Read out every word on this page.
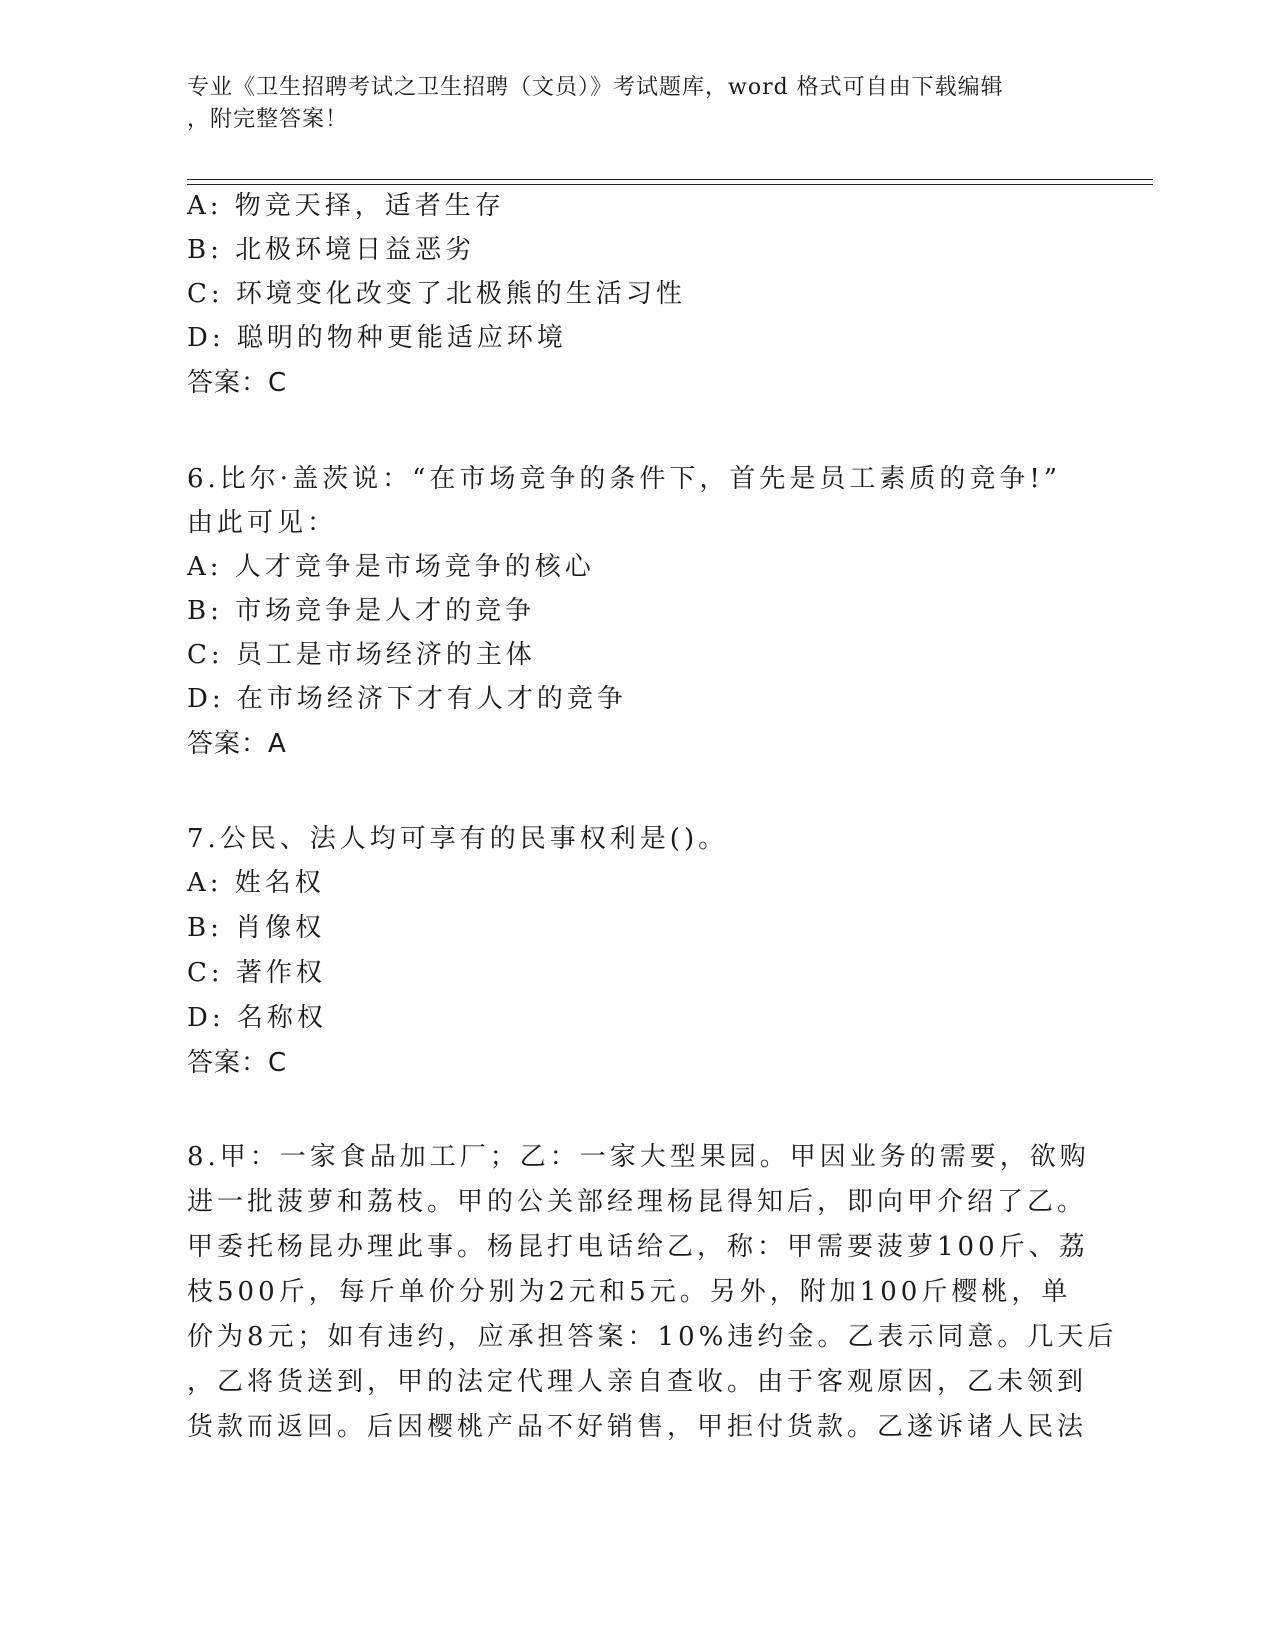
专业《卫生招聘考试之卫生招聘（文员）》考试题库，word 格式可自由下载编辑
，附完整答案！
A: 物竞天择，适者生存
B: 北极环境日益恶劣
C: 环境变化改变了北极熊的生活习性
D: 聪明的物种更能适应环境
答案：C
6.比尔·盖茨说：“在市场竞争的条件下，首先是员工素质的竞争!”
由此可见：
A: 人才竞争是市场竞争的核心
B: 市场竞争是人才的竞争
C: 员工是市场经济的主体
D: 在市场经济下才有人才的竞争
答案：A
7.公民、法人均可享有的民事权利是()。
A: 姓名权
B: 肖像权
C: 著作权
D: 名称权
答案：C
8.甲：一家食品加工厂；乙：一家大型果园。甲因业务的需要，欲购
进一批菠萝和荔枝。甲的公关部经理杨昆得知后，即向甲介绍了乙。
甲委托杨昆办理此事。杨昆打电话给乙，称：甲需要菠萝100斤、荔
枝500斤，每斤单价分别为2元和5元。另外，附加100斤樱桃，单
价为8元；如有违约，应承担答案：10%违约金。乙表示同意。几天后
，乙将货送到，甲的法定代理人亲自查收。由于客观原因，乙未领到
货款而返回。后因樱桃产品不好销售，甲拒付货款。乙遂诉诸人民法
